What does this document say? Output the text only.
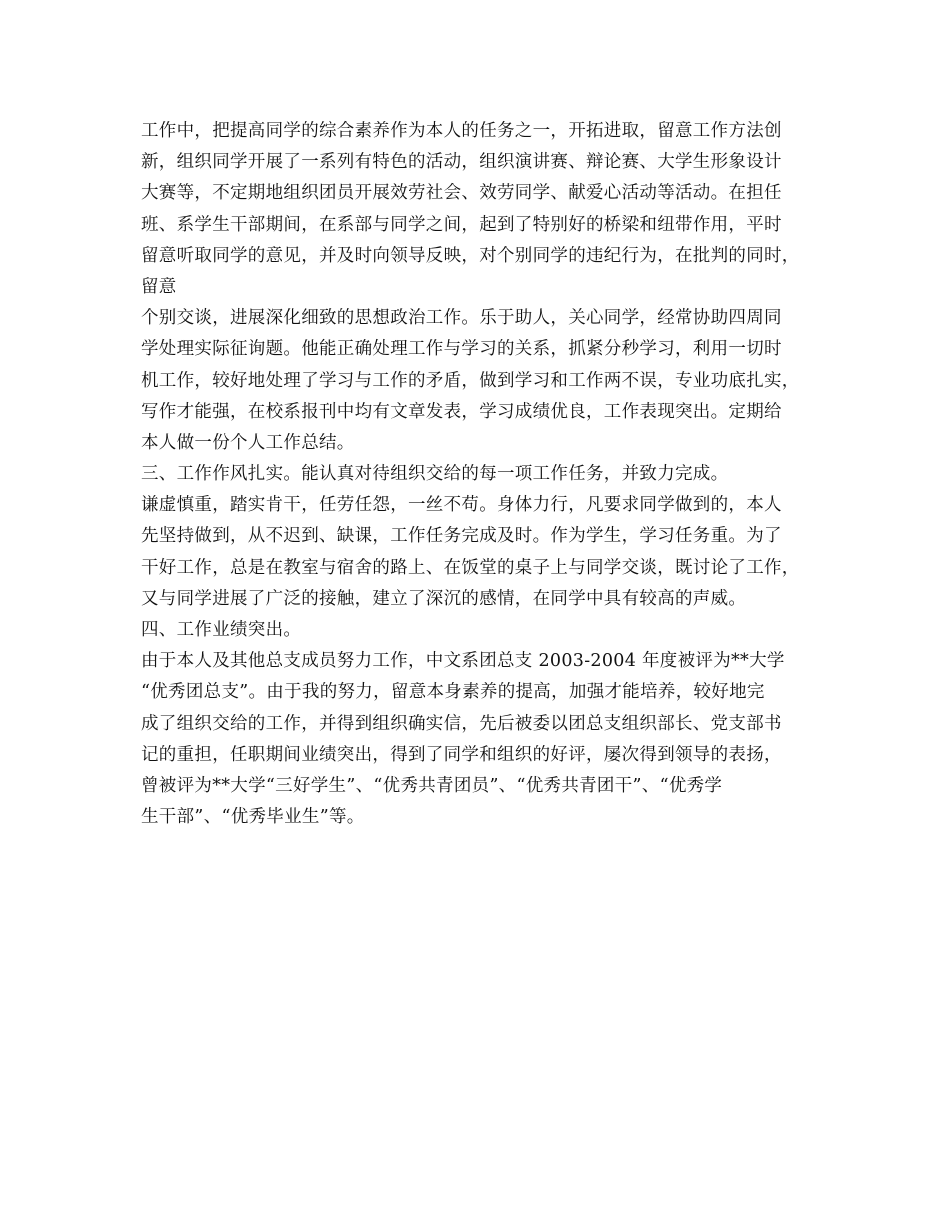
工作中，把提高同学的综合素养作为本人的任务之一，开拓进取，留意工作方法创
新，组织同学开展了一系列有特色的活动，组织演讲赛、辩论赛、大学生形象设计
大赛等，不定期地组织团员开展效劳社会、效劳同学、献爱心活动等活动。在担任
班、系学生干部期间，在系部与同学之间，起到了特别好的桥梁和纽带作用，平时
留意听取同学的意见，并及时向领导反映，对个别同学的违纪行为，在批判的同时，
留意
个别交谈，进展深化细致的思想政治工作。乐于助人，关心同学，经常协助四周同
学处理实际征询题。他能正确处理工作与学习的关系，抓紧分秒学习，利用一切时
机工作，较好地处理了学习与工作的矛盾，做到学习和工作两不误，专业功底扎实，
写作才能强，在校系报刊中均有文章发表，学习成绩优良，工作表现突出。定期给
本人做一份个人工作总结。
三、工作作风扎实。能认真对待组织交给的每一项工作任务，并致力完成。
谦虚慎重，踏实肯干，任劳任怨，一丝不苟。身体力行，凡要求同学做到的，本人
先坚持做到，从不迟到、缺课，工作任务完成及时。作为学生，学习任务重。为了
干好工作，总是在教室与宿舍的路上、在饭堂的桌子上与同学交谈，既讨论了工作，
又与同学进展了广泛的接触，建立了深沉的感情，在同学中具有较高的声威。
四、工作业绩突出。
由于本人及其他总支成员努力工作，中文系团总支 2003-2004 年度被评为**大学
“优秀团总支”。由于我的努力，留意本身素养的提高，加强才能培养，较好地完
成了组织交给的工作，并得到组织确实信，先后被委以团总支组织部长、党支部书
记的重担，任职期间业绩突出，得到了同学和组织的好评，屡次得到领导的表扬，
曾被评为**大学“三好学生”、“优秀共青团员”、“优秀共青团干”、“优秀学
生干部”、“优秀毕业生”等。
